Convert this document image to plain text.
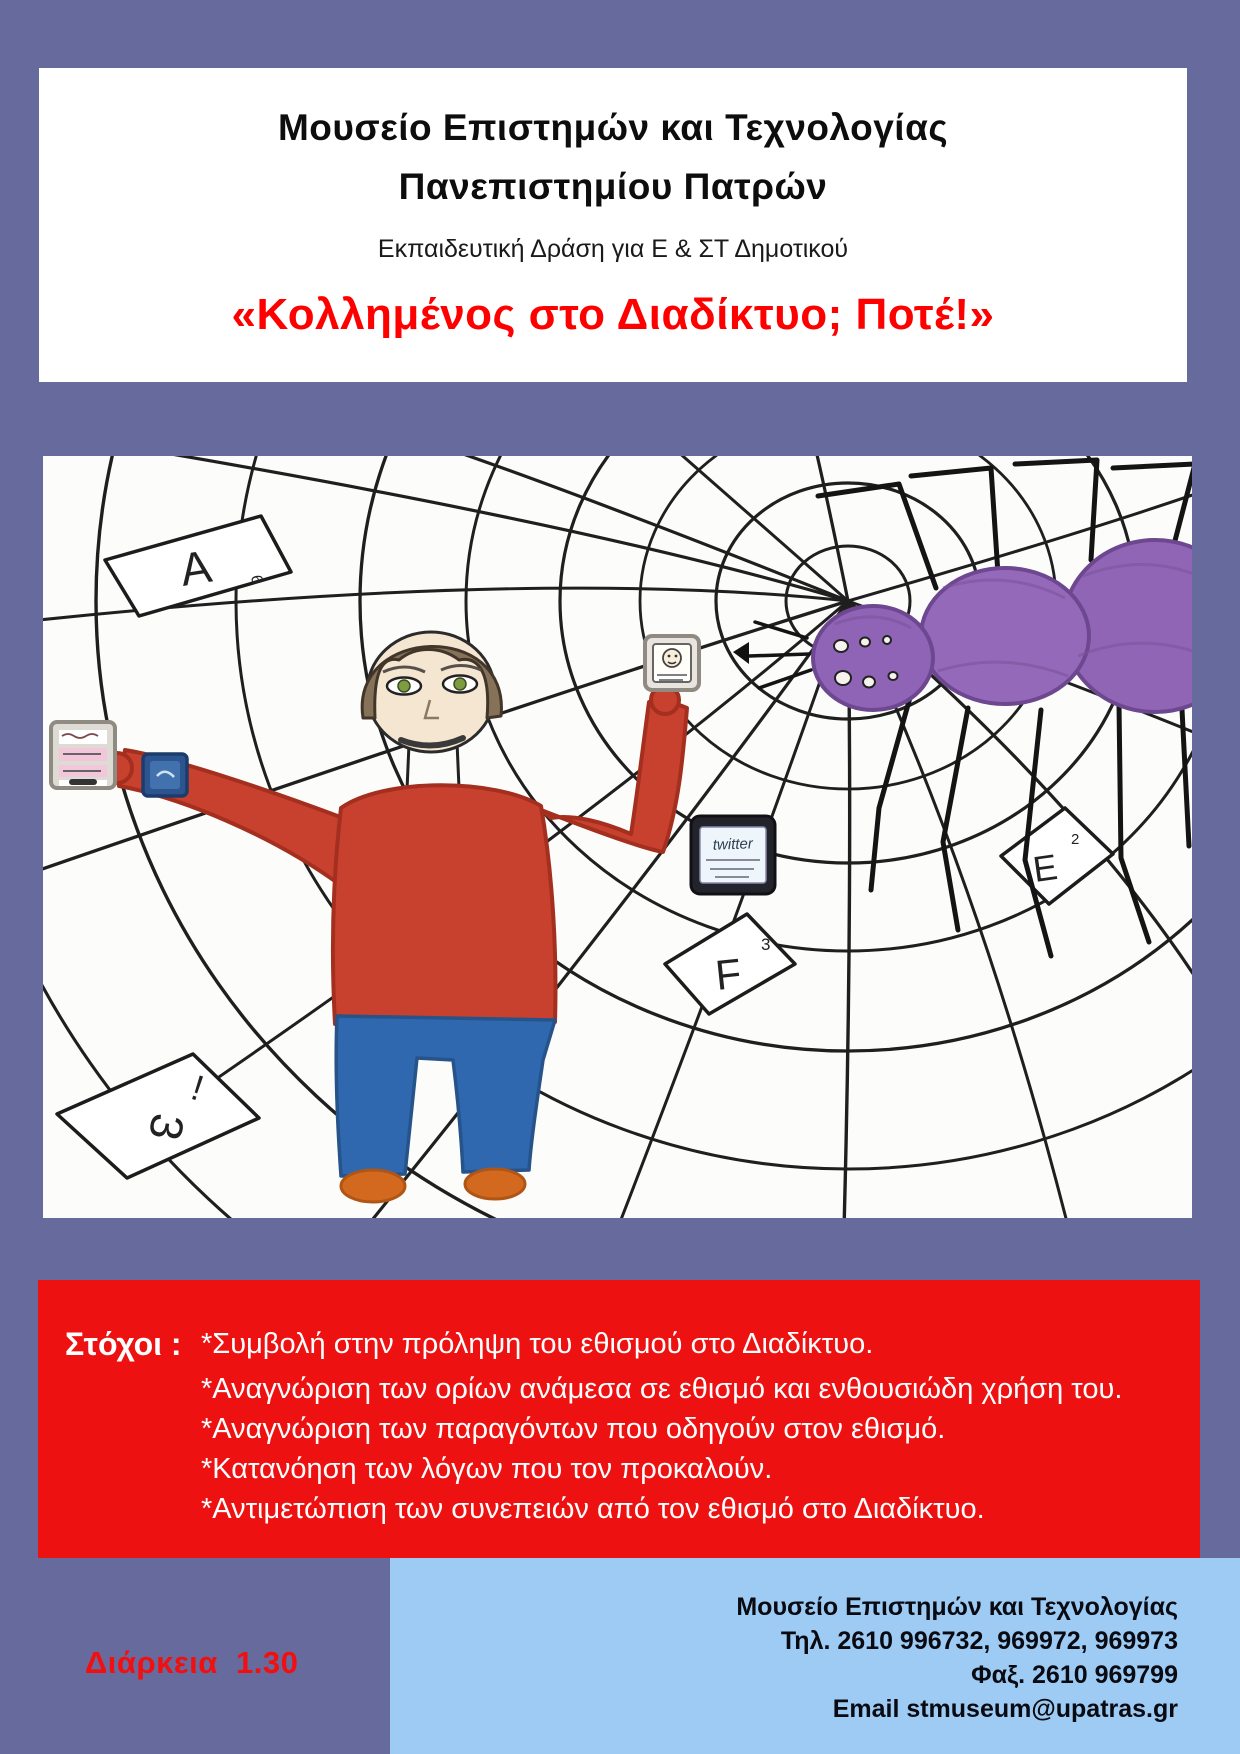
Μουσείο Επιστημών και Τεχνολογίας
Πανεπιστημίου Πατρών
Εκπαιδευτική Δράση για Ε & ΣΤ Δημοτικού
«Κολλημένος στο Διαδίκτυο; Ποτέ!»
Α 6
3
!
F
3
Ε
2
twitter
Στόχοι : *Συμβολή στην πρόληψη του εθισμού στο Διαδίκτυο.
*Αναγνώριση των ορίων ανάμεσα σε εθισμό και ενθουσιώδη χρήση του.
*Αναγνώριση των παραγόντων που οδηγούν στον εθισμό.
*Κατανόηση των λόγων που τον προκαλούν.
*Αντιμετώπιση των συνεπειών από τον εθισμό στο Διαδίκτυο.
Μουσείο Επιστημών και Τεχνολογίας
Τηλ. 2610 996732, 969972, 969973
Φαξ. 2610 969799
Email stmuseum@upatras.gr
Διάρκεια  1.30
